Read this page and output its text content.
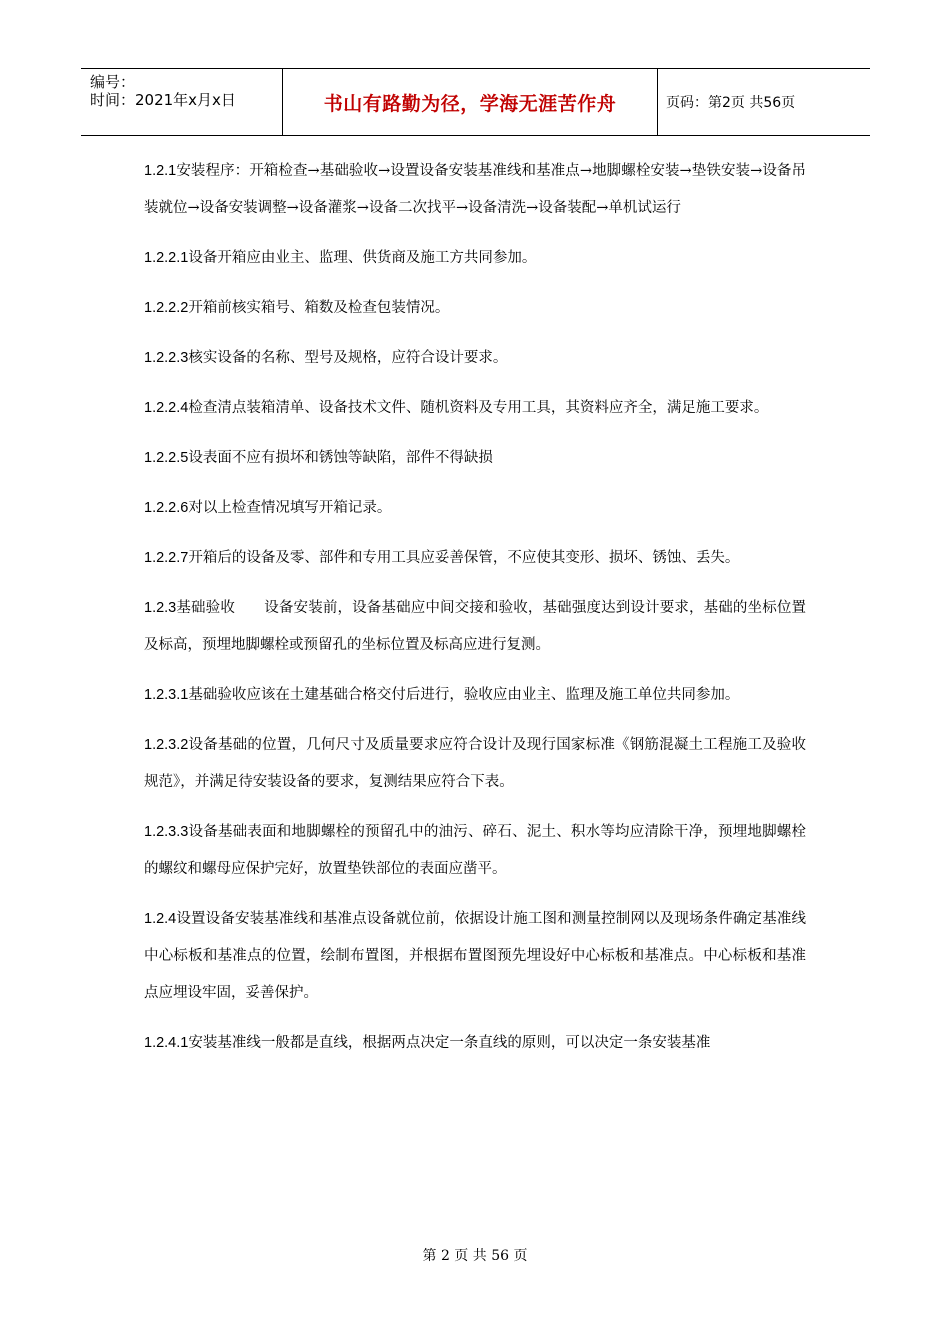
编号：
时间：2021年x月x日	书山有路勤为径，学海无涯苦作舟	页码：第2页 共56页

1.2.1安装程序：开箱检查→基础验收→设置设备安装基准线和基准点→地脚螺栓安装→垫铁安装→设备吊装就位→设备安装调整→设备灌浆→设备二次找平→设备清洗→设备装配→单机试运行

1.2.2.1设备开箱应由业主、监理、供货商及施工方共同参加。

1.2.2.2开箱前核实箱号、箱数及检查包装情况。

1.2.2.3核实设备的名称、型号及规格，应符合设计要求。

1.2.2.4检查清点装箱清单、设备技术文件、随机资料及专用工具，其资料应齐全，满足施工要求。

1.2.2.5设表面不应有损坏和锈蚀等缺陷，部件不得缺损

1.2.2.6对以上检查情况填写开箱记录。

1.2.2.7开箱后的设备及零、部件和专用工具应妥善保管，不应使其变形、损坏、锈蚀、丢失。

1.2.3基础验收　　设备安装前，设备基础应中间交接和验收，基础强度达到设计要求，基础的坐标位置及标高，预埋地脚螺栓或预留孔的坐标位置及标高应进行复测。

1.2.3.1基础验收应该在土建基础合格交付后进行，验收应由业主、监理及施工单位共同参加。

1.2.3.2设备基础的位置，几何尺寸及质量要求应符合设计及现行国家标准《钢筋混凝土工程施工及验收规范》，并满足待安装设备的要求，复测结果应符合下表。

1.2.3.3设备基础表面和地脚螺栓的预留孔中的油污、碎石、泥土、积水等均应清除干净，预埋地脚螺栓的螺纹和螺母应保护完好，放置垫铁部位的表面应凿平。

1.2.4设置设备安装基准线和基准点设备就位前，依据设计施工图和测量控制网以及现场条件确定基准线中心标板和基准点的位置，绘制布置图，并根据布置图预先埋设好中心标板和基准点。中心标板和基准点应埋设牢固，妥善保护。

1.2.4.1安装基准线一般都是直线，根据两点决定一条直线的原则，可以决定一条安装基准

第 2 页 共 56 页
